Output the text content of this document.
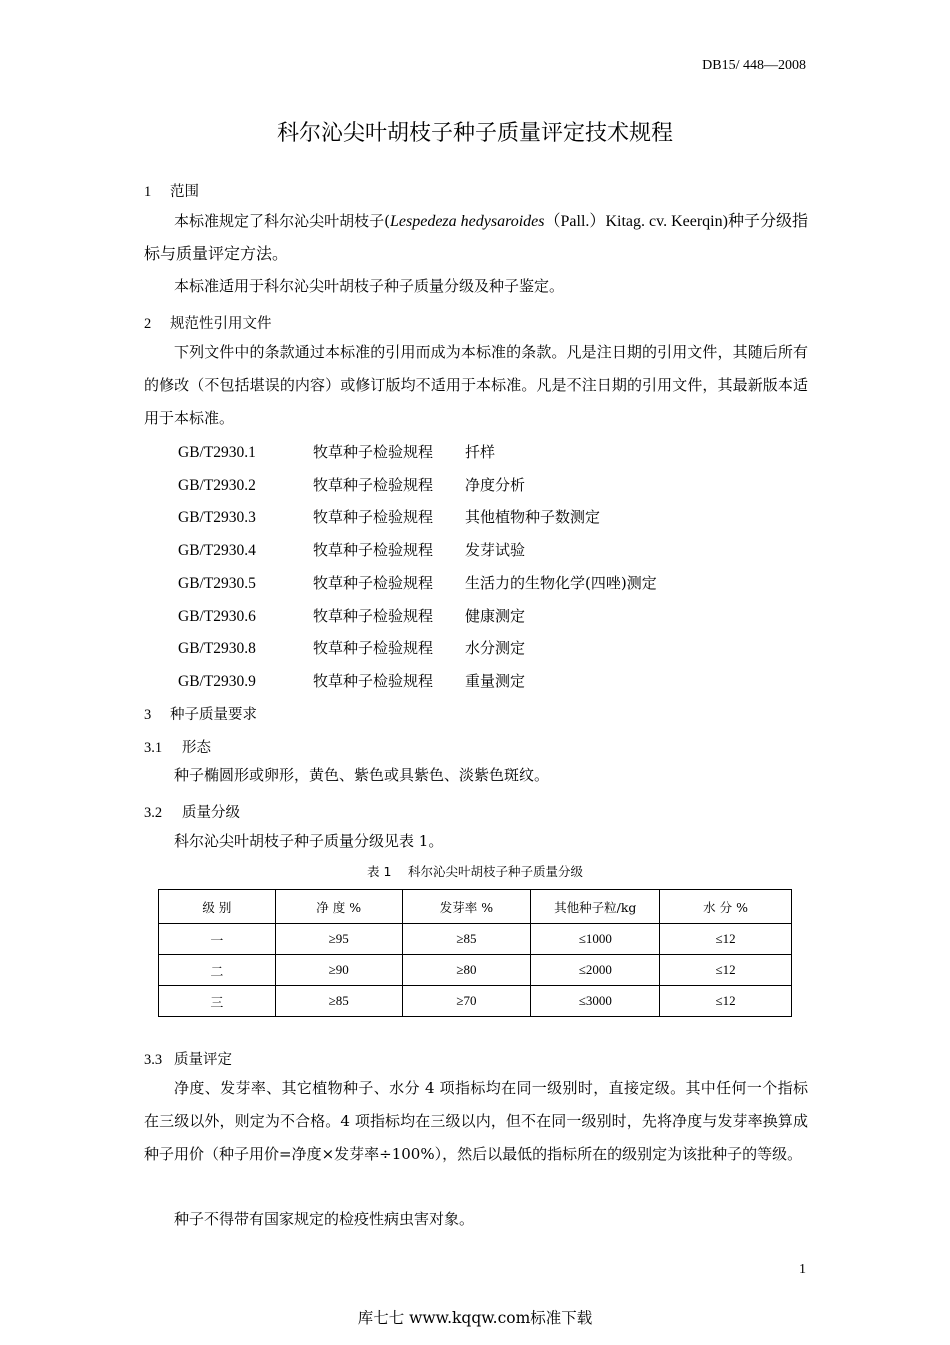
DB15/ 448—2008
科尔沁尖叶胡枝子种子质量评定技术规程
1 范围
本标准规定了科尔沁尖叶胡枝子(Lespedeza hedysaroides（Pall.）Kitag. cv. Keerqin)种子分级指标与质量评定方法。
本标准适用于科尔沁尖叶胡枝子种子质量分级及种子鉴定。
2 规范性引用文件
下列文件中的条款通过本标准的引用而成为本标准的条款。凡是注日期的引用文件，其随后所有的修改（不包括堪误的内容）或修订版均不适用于本标准。凡是不注日期的引用文件，其最新版本适用于本标准。
GB/T2930.1	牧草种子检验规程 扦样
GB/T2930.2	牧草种子检验规程 净度分析
GB/T2930.3	牧草种子检验规程 其他植物种子数测定
GB/T2930.4	牧草种子检验规程 发芽试验
GB/T2930.5	牧草种子检验规程 生活力的生物化学(四唑)测定
GB/T2930.6	牧草种子检验规程 健康测定
GB/T2930.8	牧草种子检验规程 水分测定
GB/T2930.9	牧草种子检验规程 重量测定
3 种子质量要求
3.1 形态
种子椭圆形或卵形，黄色、紫色或具紫色、淡紫色斑纹。
3.2 质量分级
科尔沁尖叶胡枝子种子质量分级见表 1。
表 1　 科尔沁尖叶胡枝子种子质量分级
级 别	净 度 %	发芽率 %	其他种子粒/kg	水 分 %
一	≥95	≥85	≤1000	≤12
二	≥90	≥80	≤2000	≤12
三	≥85	≥70	≤3000	≤12
3.3 质量评定
净度、发芽率、其它植物种子、水分 4 项指标均在同一级别时，直接定级。其中任何一个指标在三级以外，则定为不合格。4 项指标均在三级以内，但不在同一级别时，先将净度与发芽率换算成种子用价（种子用价=净度×发芽率÷100%），然后以最低的指标所在的级别定为该批种子的等级。
种子不得带有国家规定的检疫性病虫害对象。
1
库七七 www.kqqw.com标准下载
